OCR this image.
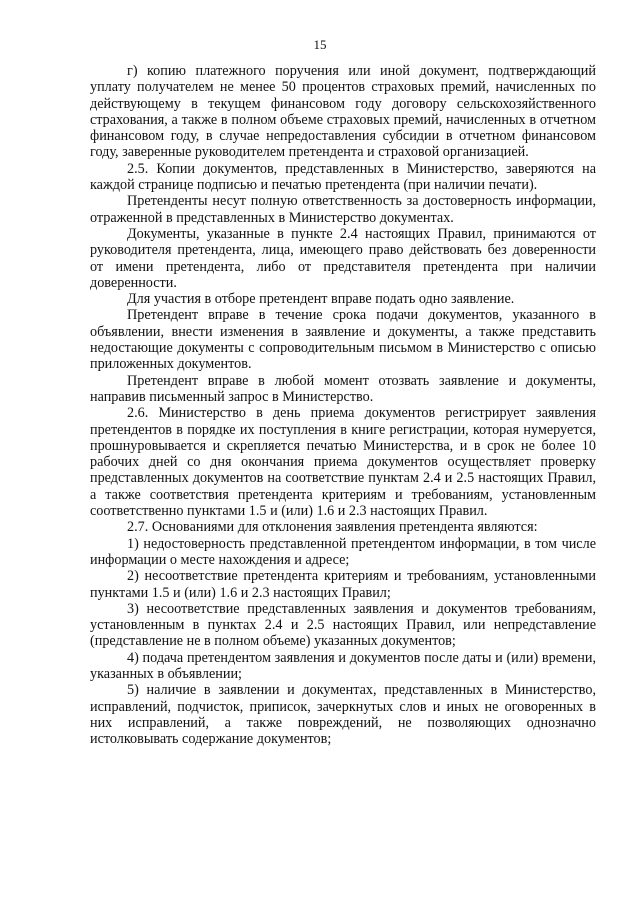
15

г) копию платежного поручения или иной документ, подтверждающий уплату получателем не менее 50 процентов страховых премий, начисленных по действующему в текущем финансовом году договору сельскохозяйственного страхования, а также в полном объеме страховых премий, начисленных в отчетном финансовом году, в случае непредоставления субсидии в отчетном финансовом году, заверенные руководителем претендента и страховой организацией.

2.5. Копии документов, представленных в Министерство, заверяются на каждой странице подписью и печатью претендента (при наличии печати).

Претенденты несут полную ответственность за достоверность информации, отраженной в представленных в Министерство документах.

Документы, указанные в пункте 2.4 настоящих Правил, принимаются от руководителя претендента, лица, имеющего право действовать без доверенности от имени претендента, либо от представителя претендента при наличии доверенности.

Для участия в отборе претендент вправе подать одно заявление.

Претендент вправе в течение срока подачи документов, указанного в объявлении, внести изменения в заявление и документы, а также представить недостающие документы с сопроводительным письмом в Министерство с описью приложенных документов.

Претендент вправе в любой момент отозвать заявление и документы, направив письменный запрос в Министерство.

2.6. Министерство в день приема документов регистрирует заявления претендентов в порядке их поступления в книге регистрации, которая нумеруется, прошнуровывается и скрепляется печатью Министерства, и в срок не более 10 рабочих дней со дня окончания приема документов осуществляет проверку представленных документов на соответствие пунктам 2.4 и 2.5 настоящих Правил, а также соответствия претендента критериям и требованиям, установленным соответственно пунктами 1.5 и (или) 1.6 и 2.3 настоящих Правил.

2.7. Основаниями для отклонения заявления претендента являются:

1) недостоверность представленной претендентом информации, в том числе информации о месте нахождения и адресе;

2) несоответствие претендента критериям и требованиям, установленными пунктами 1.5 и (или) 1.6 и 2.3 настоящих Правил;

3) несоответствие представленных заявления и документов требованиям, установленным в пунктах 2.4 и 2.5 настоящих Правил, или непредставление (представление не в полном объеме) указанных документов;

4) подача претендентом заявления и документов после даты и (или) времени, указанных в объявлении;

5) наличие в заявлении и документах, представленных в Министерство, исправлений, подчисток, приписок, зачеркнутых слов и иных не оговоренных в них исправлений, а также повреждений, не позволяющих однозначно истолковывать содержание документов;
